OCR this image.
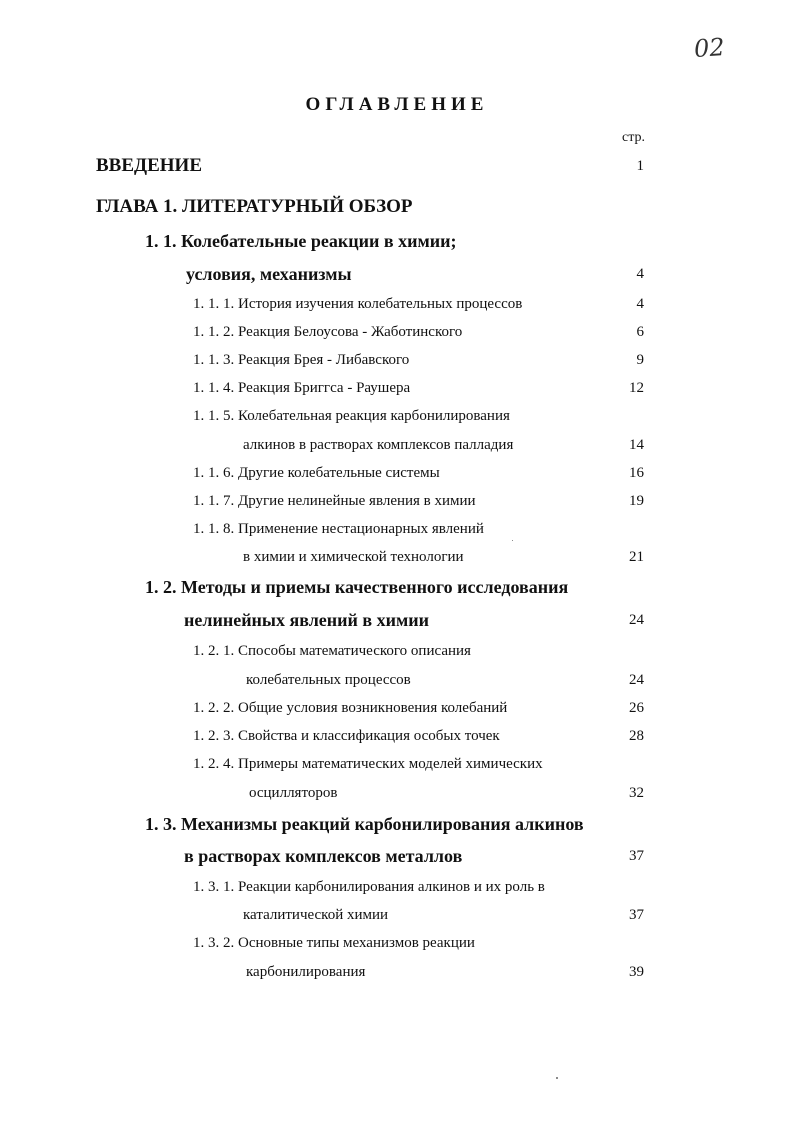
02
ОГЛАВЛЕНИЕ
стр.
ВВЕДЕНИЕ	1
ГЛАВА 1. ЛИТЕРАТУРНЫЙ ОБЗОР
1. 1. Колебательные реакции в химии;
условия, механизмы	4
1. 1. 1. История изучения колебательных процессов	4
1. 1. 2. Реакция Белоусова - Жаботинского	6
1. 1. 3. Реакция Брея - Либавского	9
1. 1. 4. Реакция Бриггса - Раушера	12
1. 1. 5. Колебательная реакция карбонилирования
алкинов в растворах комплексов палладия	14
1. 1. 6. Другие колебательные системы	16
1. 1. 7. Другие нелинейные явления в химии	19
1. 1. 8. Применение нестационарных явлений
в химии и химической технологии	21
1. 2. Методы и приемы качественного исследования
нелинейных явлений в химии	24
1. 2. 1. Способы математического описания
колебательных процессов	24
1. 2. 2. Общие условия возникновения колебаний	26
1. 2. 3. Свойства и классификация особых точек	28
1. 2. 4. Примеры математических моделей химических
осцилляторов	32
1. 3. Механизмы реакций карбонилирования алкинов
в растворах комплексов металлов	37
1. 3. 1. Реакции карбонилирования алкинов и их роль в
каталитической химии	37
1. 3. 2. Основные типы механизмов реакции
карбонилирования	39
